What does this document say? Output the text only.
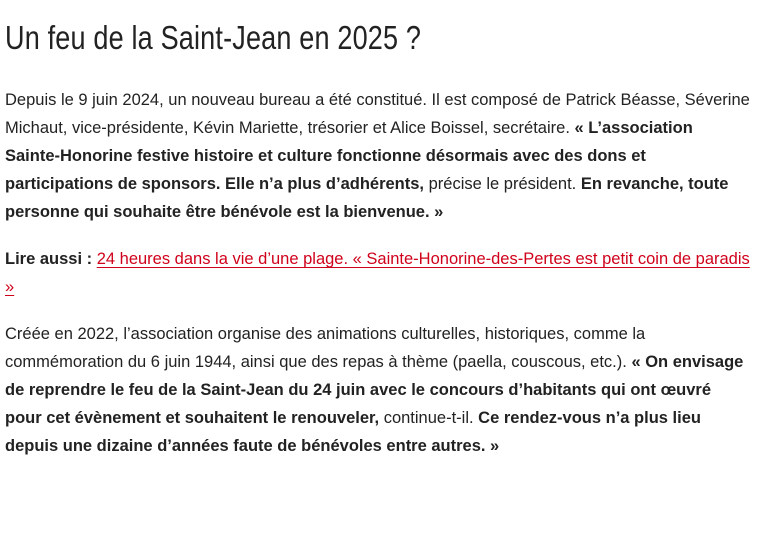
Un feu de la Saint-Jean en 2025 ?

Depuis le 9 juin 2024, un nouveau bureau a été constitué. Il est composé de Patrick Béasse, Séverine Michaut, vice-présidente, Kévin Mariette, trésorier et Alice Boissel, secrétaire. « L’association Sainte-Honorine festive histoire et culture fonctionne désormais avec des dons et participations de sponsors. Elle n’a plus d’adhérents, précise le président. En revanche, toute personne qui souhaite être bénévole est la bienvenue. »

Lire aussi : 24 heures dans la vie d’une plage. « Sainte-Honorine-des-Pertes est petit coin de paradis »

Créée en 2022, l’association organise des animations culturelles, historiques, comme la commémoration du 6 juin 1944, ainsi que des repas à thème (paella, couscous, etc.). « On envisage de reprendre le feu de la Saint-Jean du 24 juin avec le concours d’habitants qui ont œuvré pour cet évènement et souhaitent le renouveler, continue-t-il. Ce rendez-vous n’a plus lieu depuis une dizaine d’années faute de bénévoles entre autres. »
